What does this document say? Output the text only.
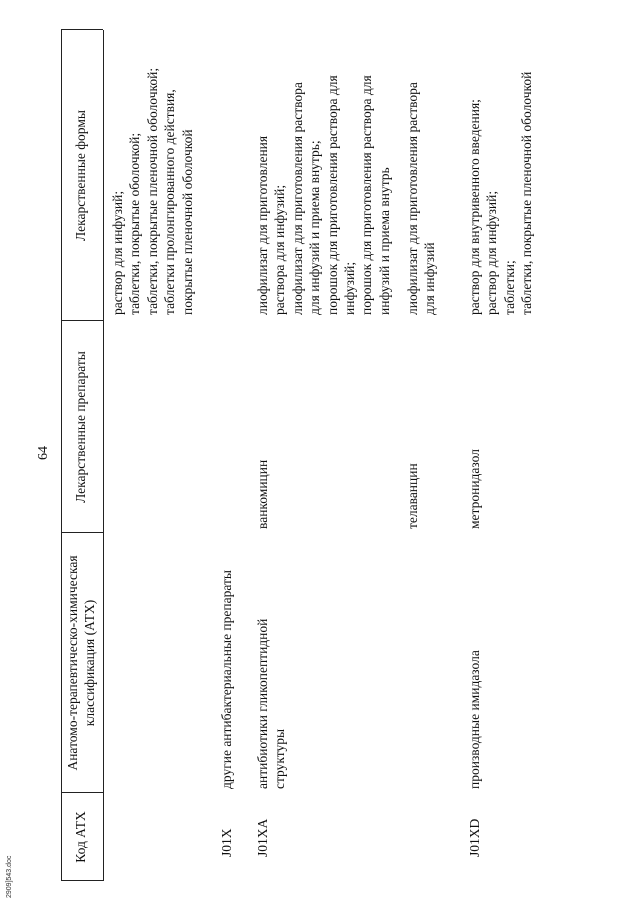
64
Код АТХ
Анатомо-терапевтическо-химическая классификация (АТХ)
Лекарственные препараты
Лекарственные формы
раствор для инфузий; таблетки, покрытые оболочкой; таблетки, покрытые пленочной оболочкой; таблетки пролонгированного действия, покрытые пленочной оболочкой
J01X
другие антибактериальные препараты
J01XA
антибиотики гликопептидной структуры
ванкомицин
лиофилизат для приготовления раствора для инфузий; лиофилизат для приготовления раствора для инфузий и приема внутрь; порошок для приготовления раствора для инфузий; порошок для приготовления раствора для инфузий и приема внутрь
телаванцин
лиофилизат для приготовления раствора для инфузий
J01XD
производные имидазола
метронидазол
раствор для внутривенного введения; раствор для инфузий; таблетки; таблетки, покрытые пленочной оболочкой
2909]543.doc
